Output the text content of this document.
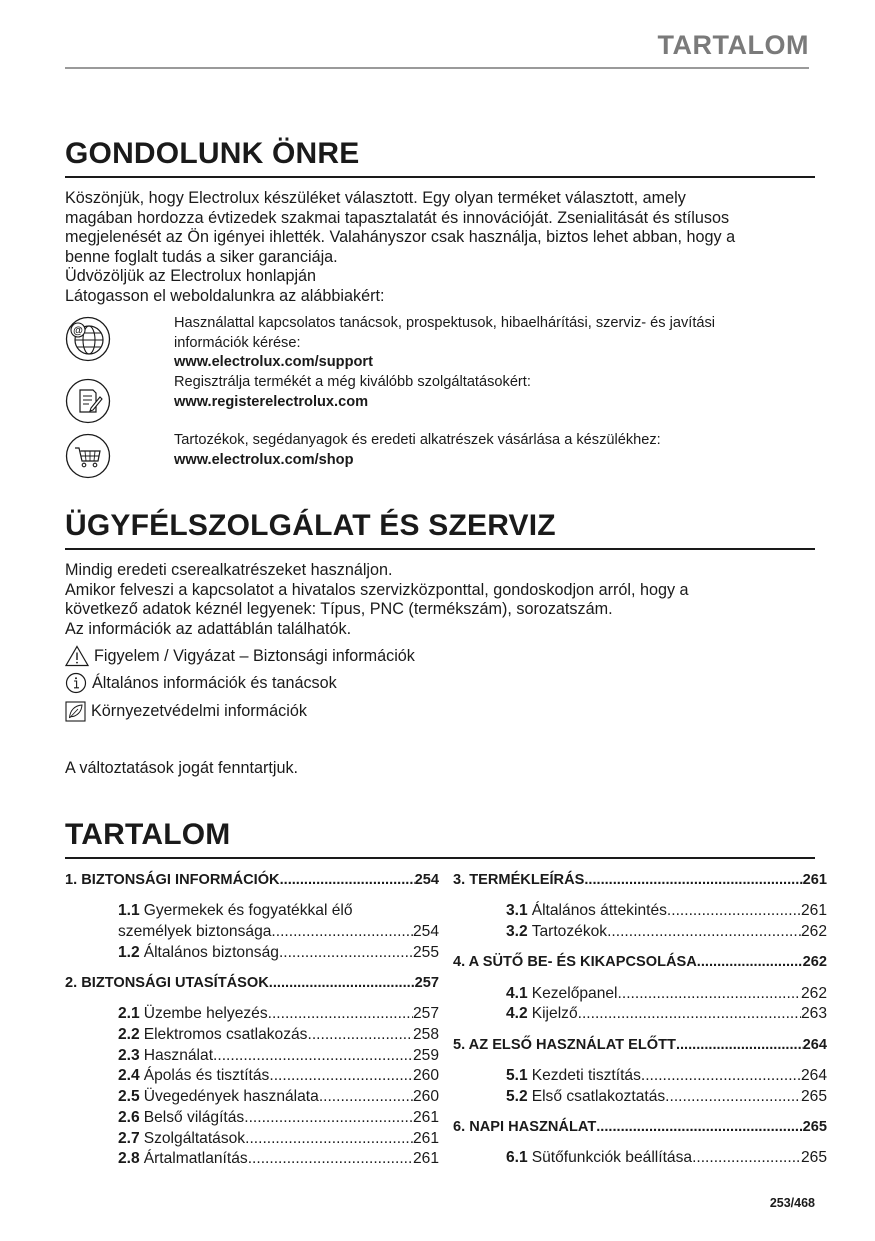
TARTALOM
GONDOLUNK ÖNRE
Köszönjük, hogy Electrolux készüléket választott. Egy olyan terméket választott, amely
magában hordozza évtizedek szakmai tapasztalatát és innovációját. Zsenialitását és stílusos
megjelenését az Ön igényei ihlették. Valahányszor csak használja, biztos lehet abban, hogy a
benne foglalt tudás a siker garanciája.
Üdvözöljük az Electrolux honlapján
Látogasson el weboldalunkra az alábbiakért:
@	Használattal kapcsolatos tanácsok, prospektusok, hibaelhárítási, szerviz- és javítási
információk kérése:
www.electrolux.com/support
Regisztrálja termékét a még kiválóbb szolgáltatásokért:
www.registerelectrolux.com
Tartozékok, segédanyagok és eredeti alkatrészek vásárlása a készülékhez:
www.electrolux.com/shop
ÜGYFÉLSZOLGÁLAT ÉS SZERVIZ
Mindig eredeti cserealkatrészeket használjon.
Amikor felveszi a kapcsolatot a hivatalos szervizközponttal, gondoskodjon arról, hogy a
következő adatok kéznél legyenek: Típus, PNC (termékszám), sorozatszám.
Az információk az adattáblán találhatók.
Figyelem / Vigyázat – Biztonsági információk
Általános információk és tanácsok
Környezetvédelmi információk
A változtatások jogát fenntartjuk.
TARTALOM
1. BIZTONSÁGI INFORMÁCIÓK .....	254
1.1 Gyermekek és fogyatékkal élő
személyek biztonsága .....	254
1.2 Általános biztonság .....	255
2. BIZTONSÁGI UTASÍTÁSOK .....	257
2.1 Üzembe helyezés .....	257
2.2 Elektromos csatlakozás .....	258
2.3 Használat .....	259
2.4 Ápolás és tisztítás .....	260
2.5 Üvegedények használata .....	260
2.6 Belső világítás .....	261
2.7 Szolgáltatások .....	261
2.8 Ártalmatlanítás .....	261
3. TERMÉKLEÍRÁS .....	261
3.1 Általános áttekintés .....	261
3.2 Tartozékok .....	262
4. A SÜTŐ BE- ÉS KIKAPCSOLÁSA .....	262
4.1 Kezelőpanel .....	262
4.2 Kijelző .....	263
5. AZ ELSŐ HASZNÁLAT ELŐTT .....	264
5.1 Kezdeti tisztítás .....	264
5.2 Első csatlakoztatás .....	265
6. NAPI HASZNÁLAT .....	265
6.1 Sütőfunkciók beállítása .....	265
253/468
